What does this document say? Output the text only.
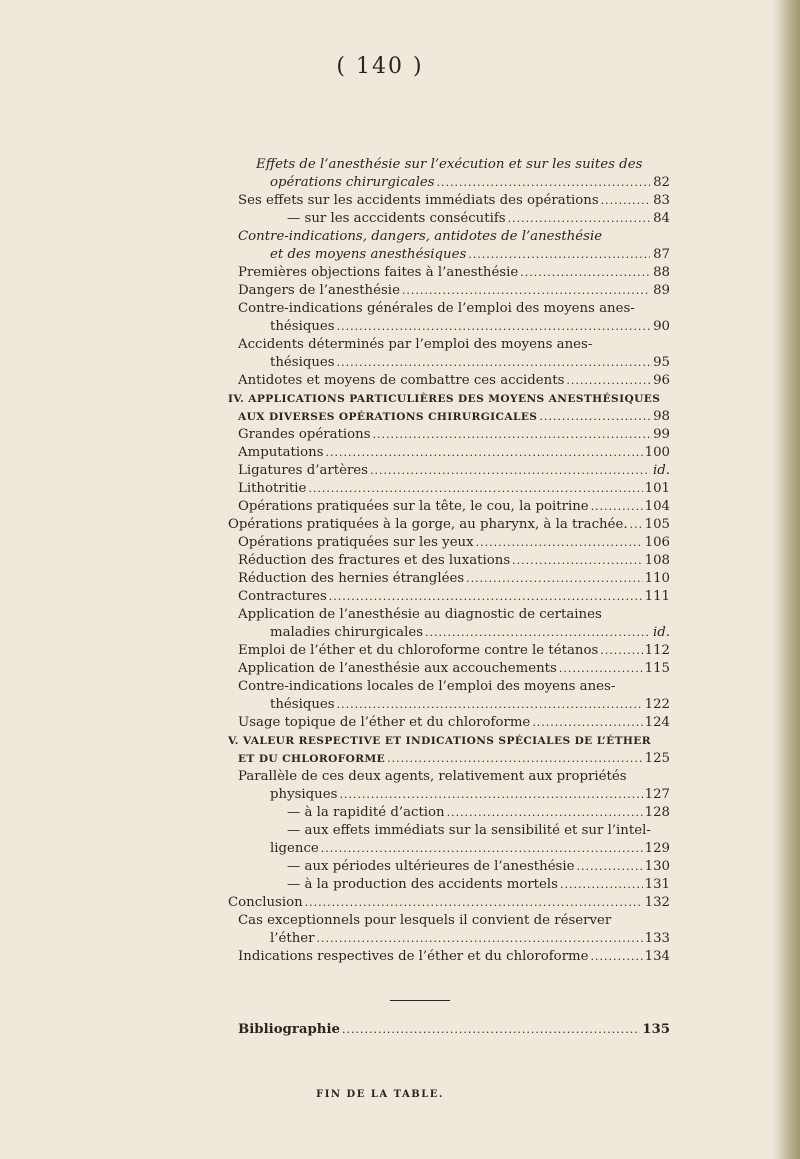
( 140 )
Effets de l’anesthésie sur l’exécution et sur les suites des
opérations chirurgicales .....	82
Ses effets sur les accidents immédiats des opérations .....	83
— sur les acccidents consécutifs .....	84
Contre-indications, dangers, antidotes de l’anesthésie
et des moyens anesthésiques .....	87
Premières objections faites à l’anesthésie .....	88
Dangers de l’anesthésie .....	89
Contre-indications générales de l’emploi des moyens anes-
thésiques .....	90
Accidents déterminés par l’emploi des moyens anes-
thésiques .....	95
Antidotes et moyens de combattre ces accidents .....	96
IV. APPLICATIONS PARTICULIÈRES DES MOYENS ANESTHÉSIQUES
AUX DIVERSES OPÉRATIONS CHIRURGICALES .....	98
Grandes opérations .....	99
Amputations .....	100
Ligatures d’artères .....	id.
Lithotritie .....	101
Opérations pratiquées sur la tête, le cou, la poitrine .....	104
Opérations pratiquées à la gorge, au pharynx, à la trachée. ..... 105
Opérations pratiquées sur les yeux .....	106
Réduction des fractures et des luxations .....	108
Réduction des hernies étranglées .....	110
Contractures .....	111
Application de l’anesthésie au diagnostic de certaines
maladies chirurgicales .....	id.
Emploi de l’éther et du chloroforme contre le tétanos .....	112
Application de l’anesthésie aux accouchements .....	115
Contre-indications locales de l’emploi des moyens anes-
thésiques .....	122
Usage topique de l’éther et du chloroforme .....	124
V. VALEUR RESPECTIVE ET INDICATIONS SPÉCIALES DE L’ÉTHER
ET DU CHLOROFORME .....	125
Parallèle de ces deux agents, relativement aux propriétés
physiques .....	127
— à la rapidité d’action .....	128
— aux effets immédiats sur la sensibilité et sur l’intel-
ligence .....	129
— aux périodes ultérieures de l’anesthésie .....	130
— à la production des accidents mortels .....	131
Conclusion .....	132
Cas exceptionnels pour lesquels il convient de réserver
l’éther .....	133
Indications respectives de l’éther et du chloroforme .....	134
Bibliographie .....	135
FIN DE LA TABLE.
